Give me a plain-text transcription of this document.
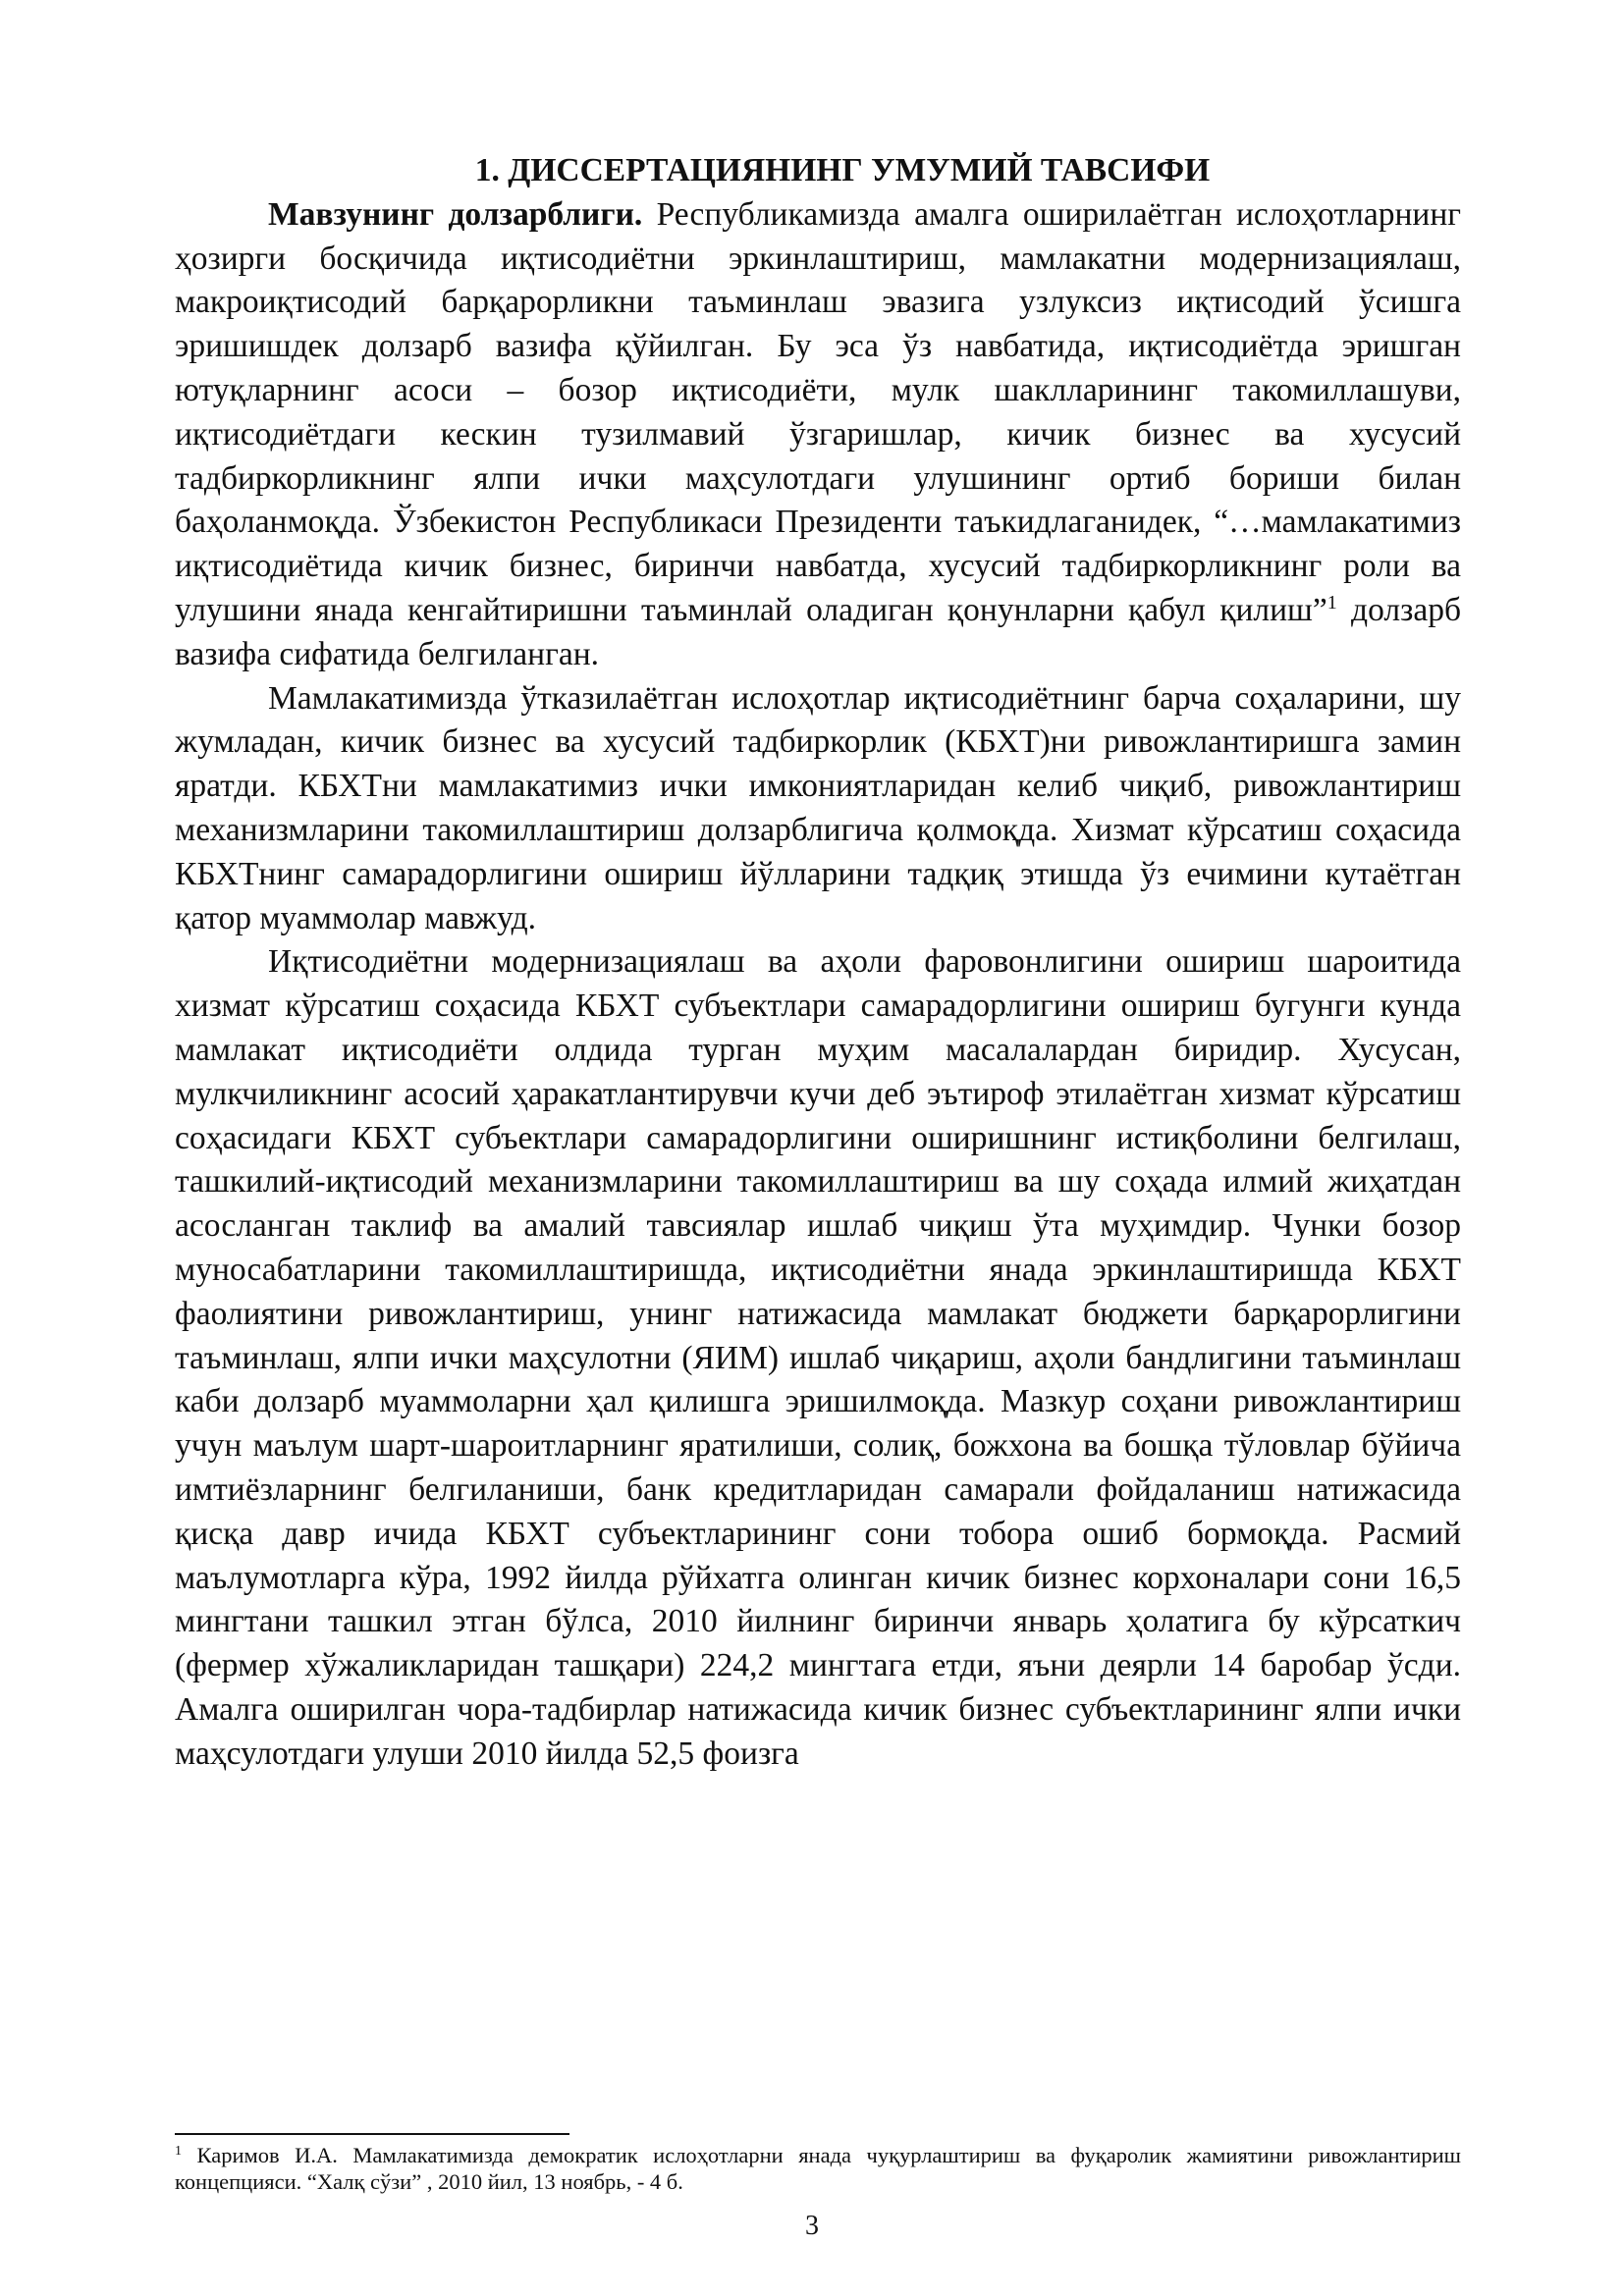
1. ДИССЕРТАЦИЯНИНГ УМУМИЙ ТАВСИФИ

Мавзунинг долзарблиги. Республикамизда амалга оширилаётган ислоҳотларнинг ҳозирги босқичида иқтисодиётни эркинлаштириш, мамлакатни модернизациялаш, макроиқтисодий барқарорликни таъминлаш эвазига узлуксиз иқтисодий ўсишга эришишдек долзарб вазифа қўйилган. Бу эса ўз навбатида, иқтисодиётда эришган ютуқларнинг асоси – бозор иқтисодиёти, мулк шаклларининг такомиллашуви, иқтисодиётдаги кескин тузилмавий ўзгаришлар, кичик бизнес ва хусусий тадбиркорликнинг ялпи ички маҳсулотдаги улушининг ортиб бориши билан баҳоланмоқда. Ўзбекистон Республикаси Президенти таъкидлаганидек, “…мамлакатимиз иқтисодиётида кичик бизнес, биринчи навбатда, хусусий тадбиркорликнинг роли ва улушини янада кенгайтиришни таъминлай оладиган қонунларни қабул қилиш”$^1$ долзарб вазифа сифатида белгиланган.

Мамлакатимизда ўтказилаётган ислоҳотлар иқтисодиётнинг барча соҳаларини, шу жумладан, кичик бизнес ва хусусий тадбиркорлик (КБХТ)ни ривожлантиришга замин яратди. КБХТни мамлакатимиз ички имкониятларидан келиб чиқиб, ривожлантириш механизмларини такомиллаштириш долзарблигича қолмоқда. Хизмат кўрсатиш соҳасида КБХТнинг самарадорлигини ошириш йўлларини тадқиқ этишда ўз ечимини кутаётган қатор муаммолар мавжуд.

Иқтисодиётни модернизациялаш ва аҳоли фаровонлигини ошириш шароитида хизмат кўрсатиш соҳасида КБХТ субъектлари самарадорлигини ошириш бугунги кунда мамлакат иқтисодиёти олдида турган муҳим масалалардан биридир. Хусусан, мулкчиликнинг асосий ҳаракатлантирувчи кучи деб эътироф этилаётган хизмат кўрсатиш соҳасидаги КБХТ субъектлари самарадорлигини оширишнинг истиқболини белгилаш, ташкилий-иқтисодий механизмларини такомиллаштириш ва шу соҳада илмий жиҳатдан асосланган таклиф ва амалий тавсиялар ишлаб чиқиш ўта муҳимдир. Чунки бозор муносабатларини такомиллаштиришда, иқтисодиётни янада эркинлаштиришда КБХТ фаолиятини ривожлантириш, унинг натижасида мамлакат бюджети барқарорлигини таъминлаш, ялпи ички маҳсулотни (ЯИМ) ишлаб чиқариш, аҳоли бандлигини таъминлаш каби долзарб муаммоларни ҳал қилишга эришилмоқда. Мазкур соҳани ривожлантириш учун маълум шарт-шароитларнинг яратилиши, солиқ, божхона ва бошқа тўловлар бўйича имтиёзларнинг белгиланиши, банк кредитларидан самарали фойдаланиш натижасида қисқа давр ичида КБХТ субъектларининг сони тобора ошиб бормоқда. Расмий маълумотларга кўра, 1992 йилда рўйхатга олинган кичик бизнес корхоналари сони 16,5 мингтани ташкил этган бўлса, 2010 йилнинг биринчи январь ҳолатига бу кўрсаткич (фермер хўжаликларидан ташқари) 224,2 мингтага етди, яъни деярли 14 баробар ўсди. Амалга оширилган чора-тадбирлар натижасида кичик бизнес субъектларининг ялпи ички маҳсулотдаги улуши 2010 йилда 52,5 фоизга

$^1$ Каримов И.А. Мамлакатимизда демократик ислоҳотларни янада чуқурлаштириш ва фуқаролик жамиятини ривожлантириш концепцияси. “Халқ сўзи” , 2010 йил, 13 ноябрь, - 4 б.
3
